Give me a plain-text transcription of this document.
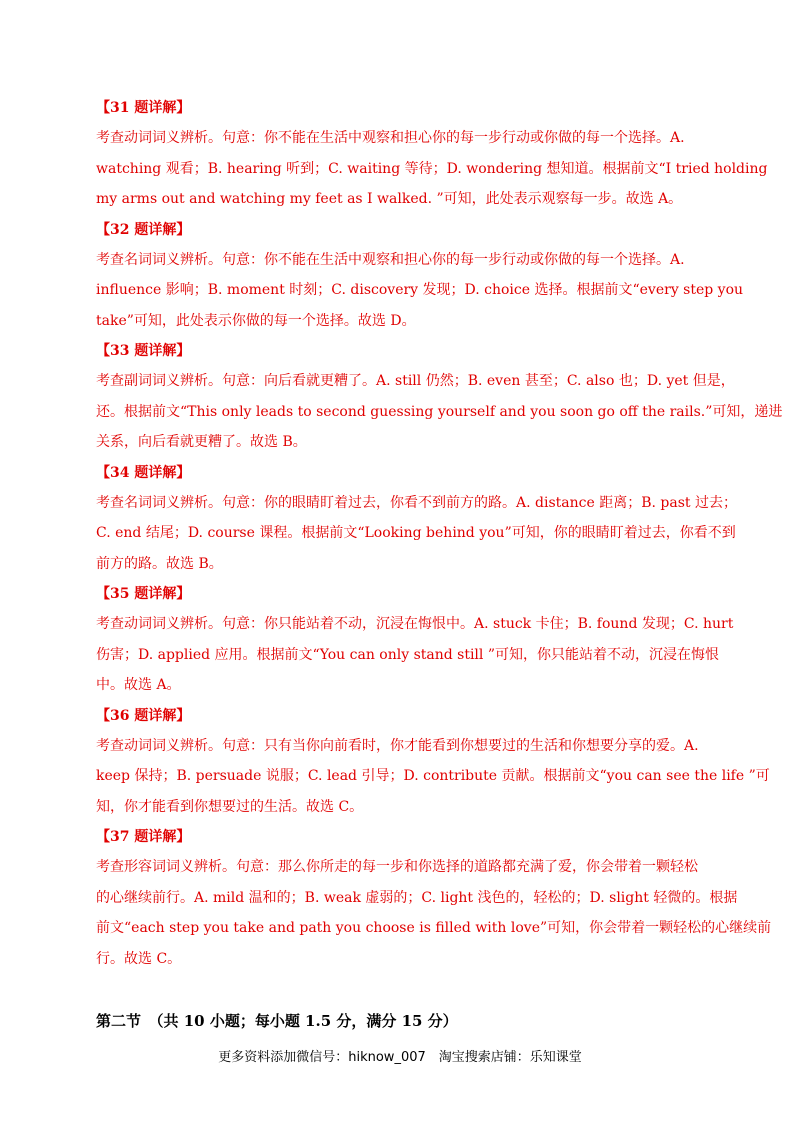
【31 题详解】

考查动词词义辨析。句意：你不能在生活中观察和担心你的每一步行动或你做的每一个选择。A.
watching 观看；B. hearing 听到；C. waiting 等待；D. wondering 想知道。根据前文“I tried holding
my arms out and watching my feet as I walked. ”可知，此处表示观察每一步。故选 A。

【32 题详解】

考查名词词义辨析。句意：你不能在生活中观察和担心你的每一步行动或你做的每一个选择。A.
influence 影响；B. moment 时刻；C. discovery 发现；D. choice 选择。根据前文“every step you
take”可知，此处表示你做的每一个选择。故选 D。

【33 题详解】

考查副词词义辨析。句意：向后看就更糟了。A. still 仍然；B. even 甚至；C. also 也；D. yet 但是，
还。根据前文“This only leads to second guessing yourself and you soon go off the rails.”可知，递进
关系，向后看就更糟了。故选 B。

【34 题详解】

考查名词词义辨析。句意：你的眼睛盯着过去，你看不到前方的路。A. distance 距离；B. past 过去；
C. end 结尾；D. course 课程。根据前文“Looking behind you”可知，你的眼睛盯着过去，你看不到
前方的路。故选 B。

【35 题详解】

考查动词词义辨析。句意：你只能站着不动，沉浸在悔恨中。A. stuck 卡住；B. found 发现；C. hurt
伤害；D. applied 应用。根据前文“You can only stand still ”可知，你只能站着不动，沉浸在悔恨
中。故选 A。

【36 题详解】

考查动词词义辨析。句意：只有当你向前看时，你才能看到你想要过的生活和你想要分享的爱。A.
keep 保持；B. persuade 说服；C. lead 引导；D. contribute 贡献。根据前文“you can see the life ”可
知，你才能看到你想要过的生活。故选 C。

【37 题详解】

考查形容词词义辨析。句意：那么你所走的每一步和你选择的道路都充满了爱，你会带着一颗轻松
的心继续前行。A. mild 温和的；B. weak 虚弱的；C. light 浅色的，轻松的；D. slight 轻微的。根据
前文“each step you take and path you choose is filled with love”可知，你会带着一颗轻松的心继续前
行。故选 C。

第二节　（共 10 小题；每小题 1.5 分，满分 15 分）
更多资料添加微信号：hiknow_007　淘宝搜索店铺：乐知课堂
